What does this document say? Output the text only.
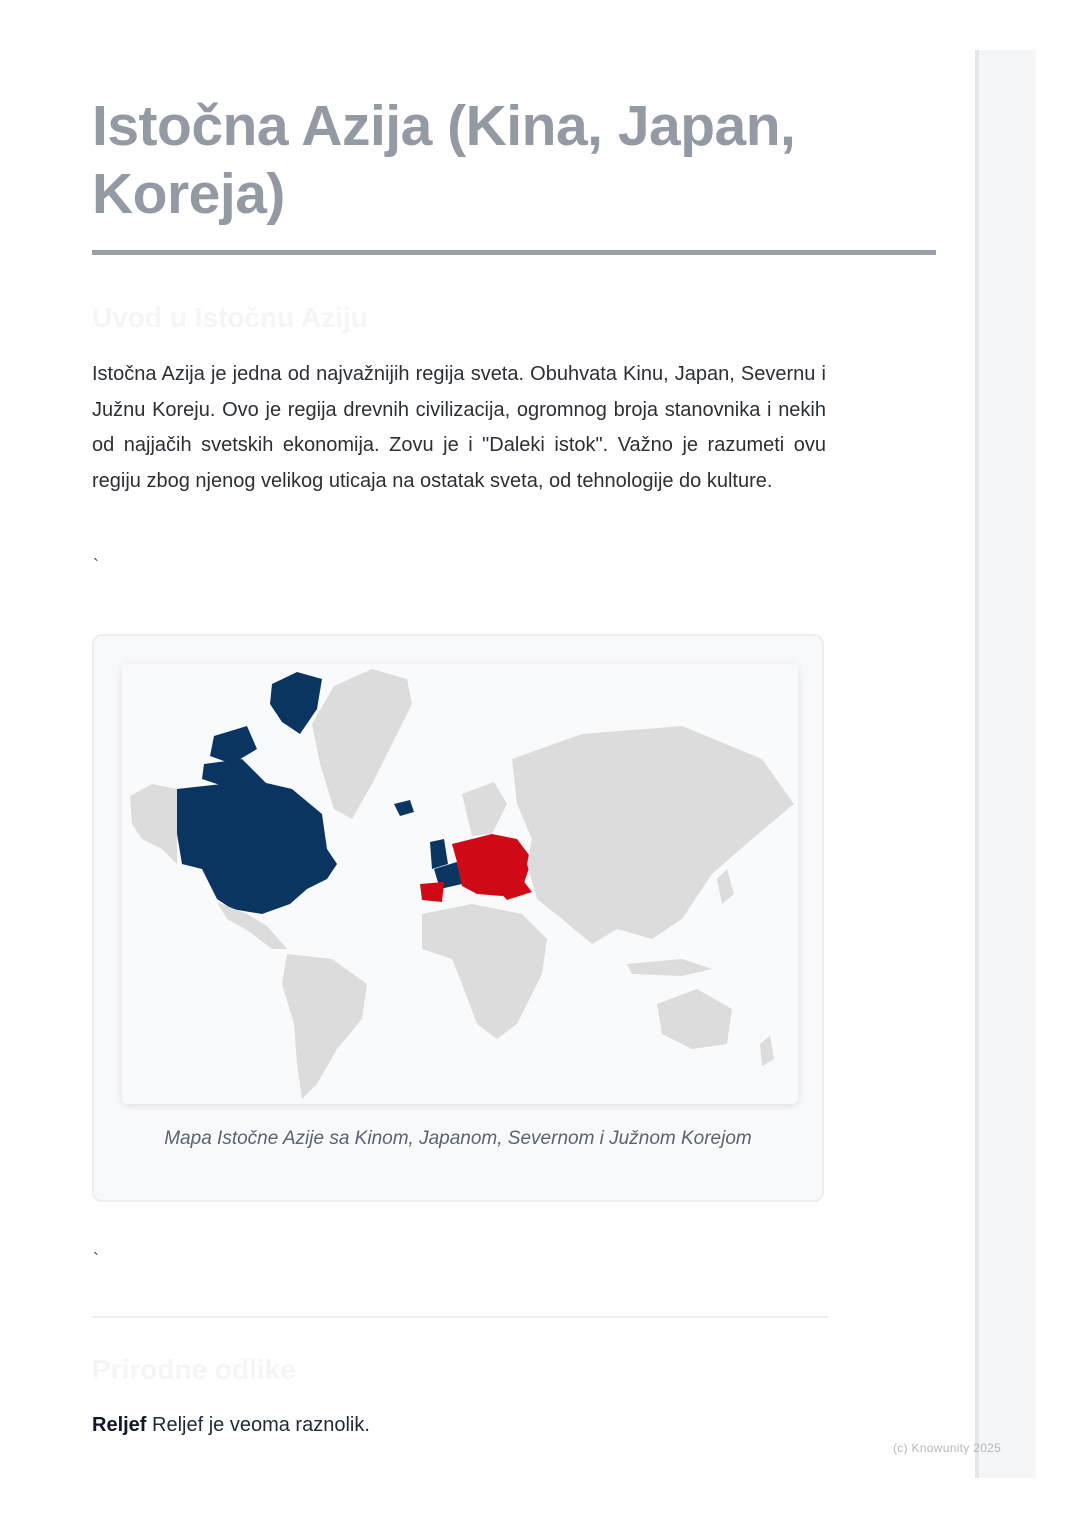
Istočna Azija (Kina, Japan, Koreja)
Uvod u Istočnu Aziju

Istočna Azija je jedna od najvažnijih regija sveta. Obuhvata Kinu, Japan, Severnu i Južnu Koreju. Ovo je regija drevnih civilizacija, ogromnog broja stanovnika i nekih od najjačih svetskih ekonomija. Zovu je i "Daleki istok". Važno je razumeti ovu regiju zbog njenog velikog uticaja na ostatak sveta, od tehnologije do kulture.

`
Mapa Istočne Azije sa Kinom, Japanom, Severnom i Južnom Korejom
`
Prirodne odlike

Reljef Reljef je veoma raznolik.

(c) Knowunity 2025
